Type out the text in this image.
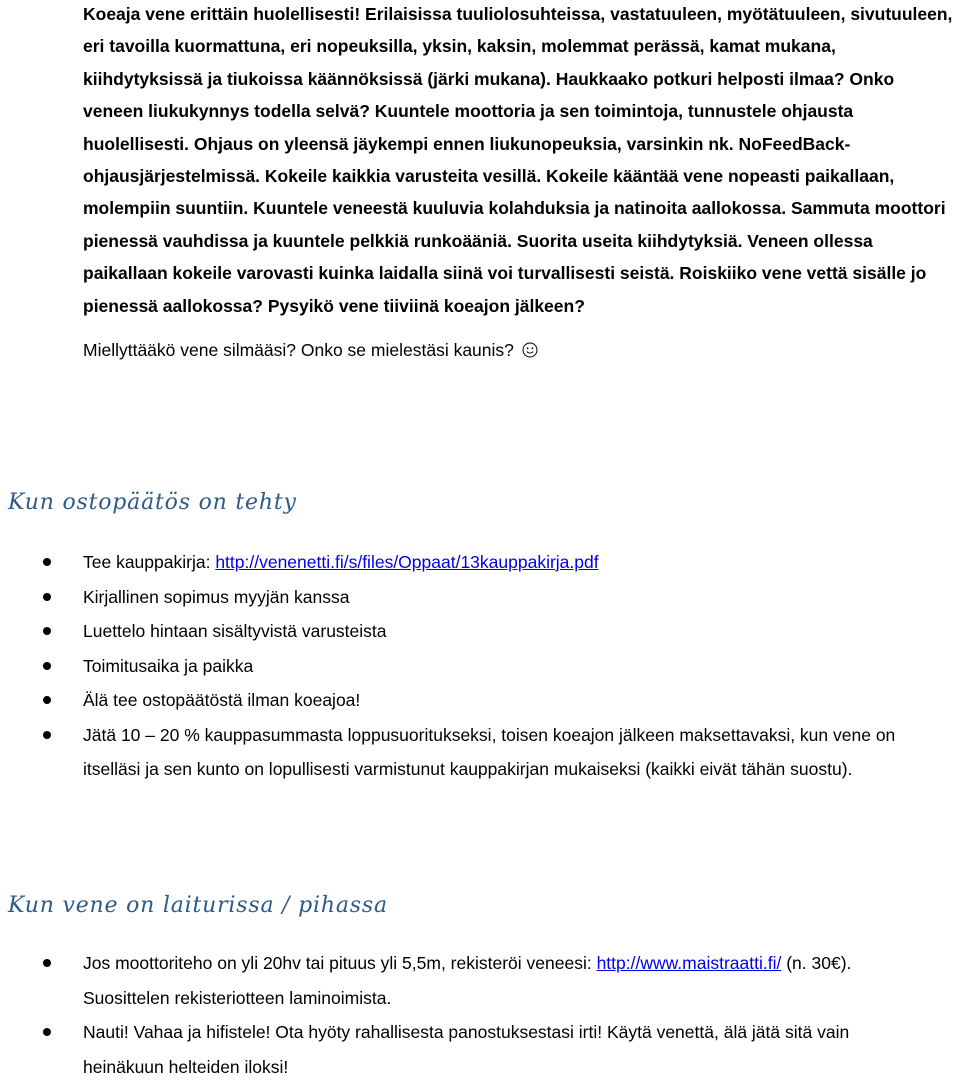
Koeaja vene erittäin huolellisesti! Erilaisissa tuuliolosuhteissa, vastatuuleen, myötätuuleen, sivutuuleen, eri tavoilla kuormattuna, eri nopeuksilla, yksin, kaksin, molemmat perässä, kamat mukana, kiihdytyksissä ja tiukoissa käännöksissä (järki mukana). Haukkaako potkuri helposti ilmaa? Onko veneen liukukynnys todella selvä? Kuuntele moottoria ja sen toimintoja, tunnustele ohjausta huolellisesti. Ohjaus on yleensä jäykempi ennen liukunopeuksia, varsinkin nk. NoFeedBack-ohjausjärjestelmissä. Kokeile kaikkia varusteita vesillä. Kokeile kääntää vene nopeasti paikallaan, molempiin suuntiin. Kuuntele veneestä kuuluvia kolahduksia ja natinoita aallokossa. Sammuta moottori pienessä vauhdissa ja kuuntele pelkkiä runkoääniä. Suorita useita kiihdytyksiä. Veneen ollessa paikallaan kokeile varovasti kuinka laidalla siinä voi turvallisesti seistä. Roiskiiko vene vettä sisälle jo pienessä aallokossa? Pysyikö vene tiiviinä koeajon jälkeen?

Miellyttääkö vene silmääsi? Onko se mielestäsi kaunis?

Kun ostopäätös on tehty
Tee kauppakirja: http://venenetti.fi/s/files/Oppaat/13kauppakirja.pdf
Kirjallinen sopimus myyjän kanssa
Luettelo hintaan sisältyvistä varusteista
Toimitusaika ja paikka
Älä tee ostopäätöstä ilman koeajoa!
Jätä 10 – 20 % kauppasummasta loppusuoritukseksi, toisen koeajon jälkeen maksettavaksi, kun vene on itselläsi ja sen kunto on lopullisesti varmistunut kauppakirjan mukaiseksi (kaikki eivät tähän suostu).
Kun vene on laiturissa / pihassa
Jos moottoriteho on yli 20hv tai pituus yli 5,5m, rekisteröi veneesi: http://www.maistraatti.fi/ (n. 30€). Suosittelen rekisteriotteen laminoimista.
Nauti! Vahaa ja hifistele! Ota hyöty rahallisesta panostuksestasi irti! Käytä venettä, älä jätä sitä vain heinäkuun helteiden iloksi!
